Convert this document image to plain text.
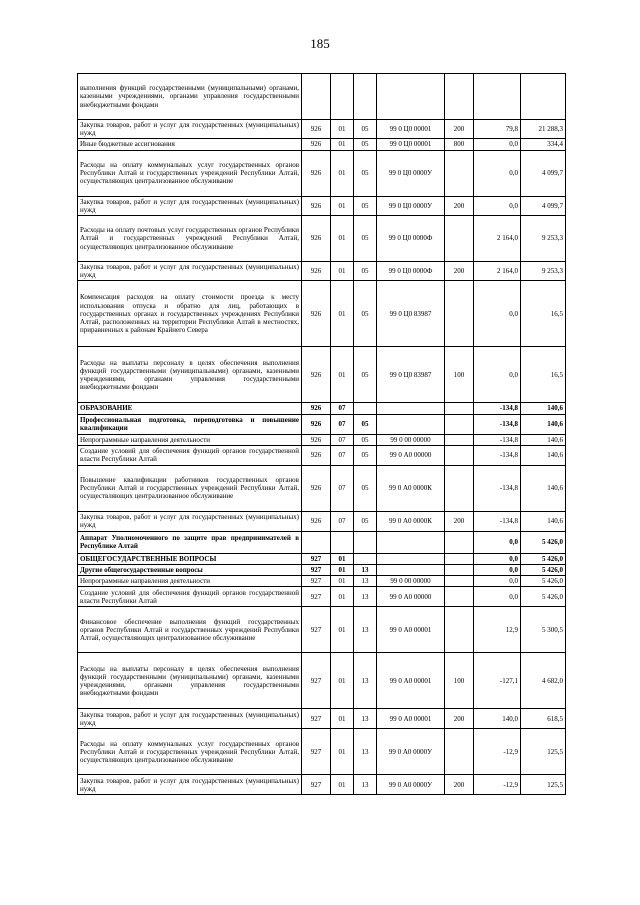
185
выполнения функций государственными (муниципальными) органами, казенными учреждениями, органами управления государственными внебюджетными фондами							
Закупка товаров, работ и услуг для государственных (муниципальных) нужд	926	01	05	99 0 Ц0 00001	200	79,8	21 288,3
Иные бюджетные ассигнования	926	01	05	99 0 Ц0 00001	800	0,0	334,4
Расходы на оплату коммунальных услуг государственных органов Республики Алтай и государственных учреждений Республики Алтай, осуществляющих централизованное обслуживание	926	01	05	99 0 Ц0 0000У		0,0	4 099,7
Закупка товаров, работ и услуг для государственных (муниципальных) нужд	926	01	05	99 0 Ц0 0000У	200	0,0	4 099,7
Расходы на оплату почтовых услуг государственных органов Республики Алтай и государственных учреждений Республики Алтай, осуществляющих централизованное обслуживание	926	01	05	99 0 Ц0 0000Ф		2 164,0	9 253,3
Закупка товаров, работ и услуг для государственных (муниципальных) нужд	926	01	05	99 0 Ц0 0000Ф	200	2 164,0	9 253,3
Компенсация расходов на оплату стоимости проезда к месту использования отпуска и обратно для лиц, работающих в государственных органах и государственных учреждениях Республики Алтай, расположенных на территории Республики Алтай в местностях, приравненных к районам Крайнего Севера	926	01	05	99 0 Ц0 83987		0,0	16,5
Расходы на выплаты персоналу в целях обеспечения выполнения функций государственными (муниципальными) органами, казенными учреждениями, органами управления государственными внебюджетными фондами	926	01	05	99 0 Ц0 83987	100	0,0	16,5
ОБРАЗОВАНИЕ	926	07				-134,8	140,6
Профессиональная подготовка, переподготовка и повышение квалификации	926	07	05			-134,8	140,6
Непрограммные направления деятельности	926	07	05	99 0 00 00000		-134,8	140,6
Создание условий для обеспечения функций органов государственной власти Республики Алтай	926	07	05	99 0 А0 00000		-134,8	140,6
Повышение квалификации работников государственных органов Республики Алтай и государственных учреждений Республики Алтай, осуществляющих централизованное обслуживание	926	07	05	99 0 А0 0000К		-134,8	140,6
Закупка товаров, работ и услуг для государственных (муниципальных) нужд	926	07	05	99 0 А0 0000К	200	-134,8	140,6
Аппарат Уполномоченного по защите прав предпринимателей в Республике Алтай						0,0	5 426,0
ОБЩЕГОСУДАРСТВЕННЫЕ ВОПРОСЫ	927	01				0,0	5 426,0
Другие общегосударственные вопросы	927	01	13			0,0	5 426,0
Непрограммные направления деятельности	927	01	13	99 0 00 00000		0,0	5 426,0
Создание условий для обеспечения функций органов государственной власти Республики Алтай	927	01	13	99 0 А0 00000		0,0	5 426,0
Финансовое обеспечение выполнения функций государственных органов Республики Алтай и государственных учреждений Республики Алтай, осуществляющих централизованное обслуживание	927	01	13	99 0 А0 00001		12,9	5 300,5
Расходы на выплаты персоналу в целях обеспечения выполнения функций государственными (муниципальными) органами, казенными учреждениями, органами управления государственными внебюджетными фондами	927	01	13	99 0 А0 00001	100	-127,1	4 682,0
Закупка товаров, работ и услуг для государственных (муниципальных) нужд	927	01	13	99 0 А0 00001	200	140,0	618,5
Расходы на оплату коммунальных услуг государственных органов Республики Алтай и государственных учреждений Республики Алтай, осуществляющих централизованное обслуживание	927	01	13	99 0 А0 0000У		-12,9	125,5
Закупка товаров, работ и услуг для государственных (муниципальных) нужд	927	01	13	99 0 А0 0000У	200	-12,9	125,5
